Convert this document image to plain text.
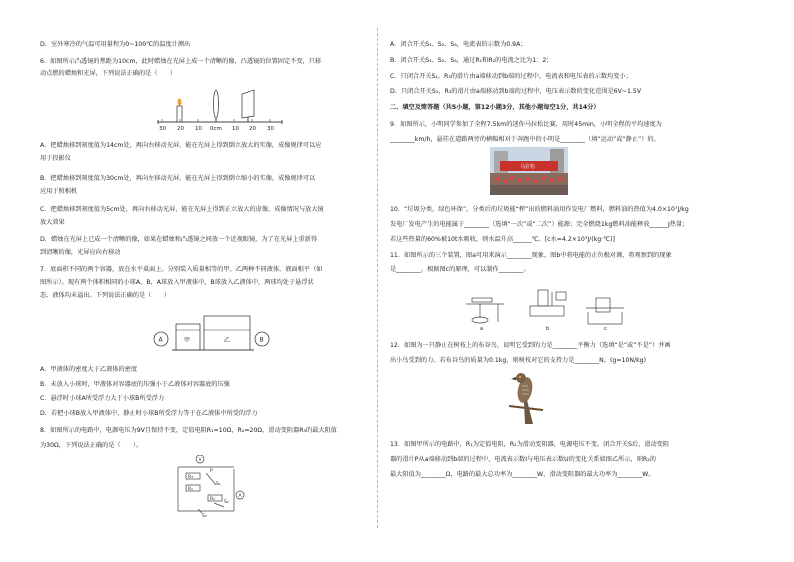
D．室外寒冷的气温可用量程为0~100℃的温度计测出
6．如图所示凸透镜的焦距为10cm，此时蜡烛在光屏上成一个清晰的像，凸透镜的位置固定不变，只移
动点燃的蜡烛和光屏，下列说法正确的是（　　）
30 20 10 0cm 10 20 30
A．把蜡烛移到刻度值为14cm处，再向右移动光屏，能在光屏上得到倒立放大的实像，成像规律可以应
用于投影仪
B．把蜡烛移到刻度值为30cm处，再向左移动光屏，能在光屏上得到倒立缩小的实像，成像规律可以
应用于照相机
C．把蜡烛移到刻度值为5cm处，再向右移动光屏，能在光屏上得到正立放大的虚像，成像情况与放大镜
放大效果
D．蜡烛在光屏上已成一个清晰的像，如果在蜡烛和凸透镜之间放一个近视眼镜，为了在光屏上重新得
到清晰的像，光屏应向右移动
7．底面积不同的两个容器，放在水平桌面上。分别装入质量相等的甲、乙两种不同液体，液面相平（如
图所示）。现有两个体积相同的小球A、B，A球放入甲液体中，B球放入乙液体中，两球均处于悬浮状
态，液体均未溢出。下列说法正确的是（　　）
A	甲	乙	B
A．甲液体的密度大于乙液体的密度
B．未放入小球时，甲液体对容器底的压强小于乙液体对容器底的压强
C．悬浮时小球A所受浮力大于小球B所受浮力
D．若把小球B放入甲液体中，静止时小球B所受浮力等于在乙液体中所受的浮力
8．如图所示的电路中，电源电压为9V且保持不变，定值电阻R₁=10Ω，R₂=20Ω，滑动变阻器R₃的最大阻值
为30Ω，下列说法正确的是（　　）。
V
P
R₃
R₁
S₁
S₂
R₂
A
S₃
A．闭合开关S₁、S₂、S₃，电流表的示数为0.9A；
B．闭合开关S₁、S₂、S₃，通过R₁和R₂的电流之比为1：2；
C．只闭合开关S₁，R₃的滑片由a端移动到b端的过程中，电流表和电压表的示数均变小；
D．只闭合开关S₁，R₃的滑片由a端移动到b端的过程中，电压表示数的变化范围是6V~1.5V
二、填空及简答题（共5小题，第12小题3分，其他小题每空1分，共14分）
9．如图所示，小明同学参加了全程7.5km的迷你马拉松比赛，用时45min，小明全程的平均速度为
________km/h，悬挂在道路两旁的横幅相对于奔跑中的小明是________（填“运动”或“静止”）的。
马拉松
10．“垃圾分类，绿色环保”，分类后的垃圾能“榨”出的燃料油用作发电厂燃料，燃料油的热值为4.0×10⁷J/kg
发电厂发电产生的电能属于________（选填“一次”或“二次”）能源；完全燃烧1kg燃料油能释放______J热量；
若这些热量的60%被10t水吸收，则水温升高______℃。[c水=4.2×10³J/(kg·℃)]
11．如图所示的三个装置，图a可用来演示________现象，图b中将电能的正负极对调，将观察到的现象
是________，根据图c的原理，可以制作________。
a	b	c
12．如图为一只静止在树枝上的布谷鸟，说明它受到的力是________平衡力（选填“是”或“不是”）并画
出小鸟受到的力。若布谷鸟的质量为0.1kg，则树枝对它的支持力是________N。(g=10N/kg)
13．如图甲所示的电路中，R₁为定值电阻，R₂为滑动变阻器，电源电压不变。闭合开关S后，滑动变阻
器的滑片P从a端移动到b端的过程中，电流表示数I与电压表示数U的变化关系如图乙所示，则R₂的
最大阻值为________Ω，电路的最大总功率为________W，滑动变阻器的最大功率为________W。
